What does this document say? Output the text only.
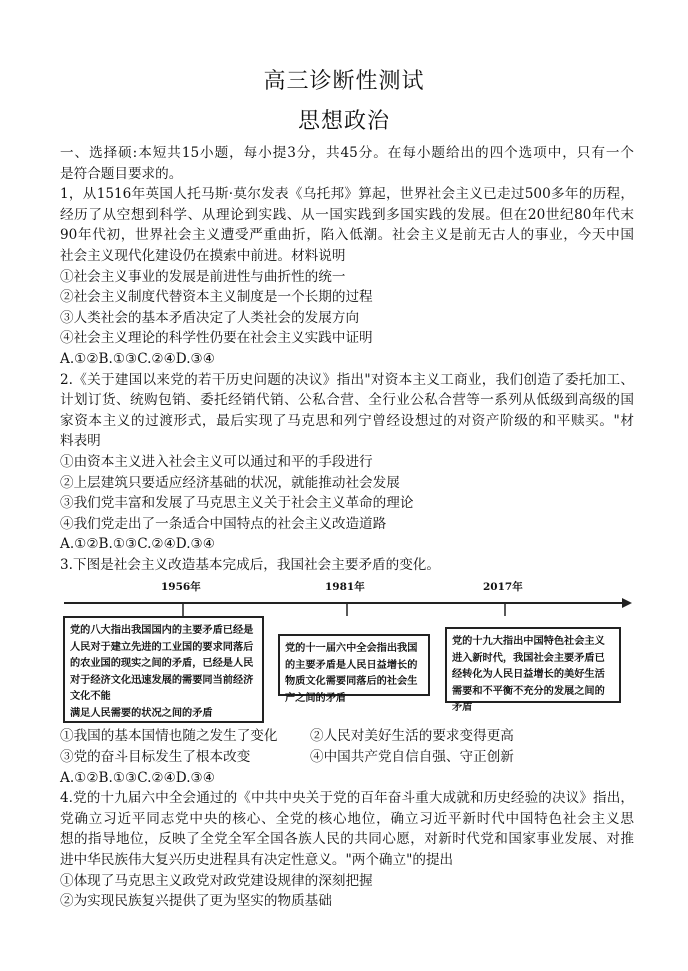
高三诊断性测试
思想政治
一、选择硕:本短共15小题，每小提3分，共45分。在每小题给出的四个选项中，只有一个
是符合题目要求的。
1，从1516年英国人托马斯·莫尔发表《乌托邦》算起，世界社会主义已走过500多年的历程，
经历了从空想到科学、从理论到实践、从一国实践到多国实践的发展。但在20世纪80年代末
90年代初，世界社会主义遭受严重曲折，陷入低潮。社会主义是前无古人的事业，今天中国
社会主义现代化建设仍在摸索中前进。材料说明
①社会主义事业的发展是前进性与曲折性的统一
②社会主义制度代替资本主义制度是一个长期的过程
③人类社会的基本矛盾决定了人类社会的发展方向
④社会主义理论的科学性仍要在社会主义实践中证明
A.①②B.①③C.②④D.③④
2.《关于建国以来党的若干历史问题的决议》指出"对资本主义工商业，我们创造了委托加工、
计划订货、统购包销、委托经销代销、公私合营、全行业公私合营等一系列从低级到高级的国
家资本主义的过渡形式，最后实现了马克思和列宁曾经设想过的对资产阶级的和平赎买。"材
料表明
①由资本主义进入社会主义可以通过和平的手段进行
②上层建筑只要适应经济基础的状况，就能推动社会发展
③我们党丰富和发展了马克思主义关于社会主义革命的理论
④我们党走出了一条适合中国特点的社会主义改造道路
A.①②B.①③C.②④D.③④
3.下图是社会主义改造基本完成后，我国社会主要矛盾的变化。
1956年	1981年	2017年
党的八大指出我国国内的主要矛盾已经是人民对于建立先进的工业国的要求同落后的农业国的现实之间的矛盾，已经是人民对于经济文化迅速发展的需要同当前经济文化不能
满足人民需要的状况之间的矛盾
党的十一届六中全会指出我国的主要矛盾是人民日益增长的物质文化需要同落后的社会生产之间的矛盾
党的十九大指出中国特色社会主义进入新时代，我国社会主要矛盾已经转化为人民日益增长的美好生活需要和不平衡不充分的发展之间的矛盾
①我国的基本国情也随之发生了变化 ②人民对美好生活的要求变得更高
③党的奋斗目标发生了根本改变	④中国共产党自信自强、守正创新
A.①②B.①③C.②④D.③④
4.党的十九届六中全会通过的《中共中央关于党的百年奋斗重大成就和历史经验的决议》指出，
党确立习近平同志党中央的核心、全党的核心地位，确立习近平新时代中国特色社会主义思
想的指导地位，反映了全党全军全国各族人民的共同心愿，对新时代党和国家事业发展、对推
进中华民族伟大复兴历史进程具有决定性意义。"两个确立"的提出
①体现了马克思主义政党对政党建设规律的深刻把握
②为实现民族复兴提供了更为坚实的物质基础
